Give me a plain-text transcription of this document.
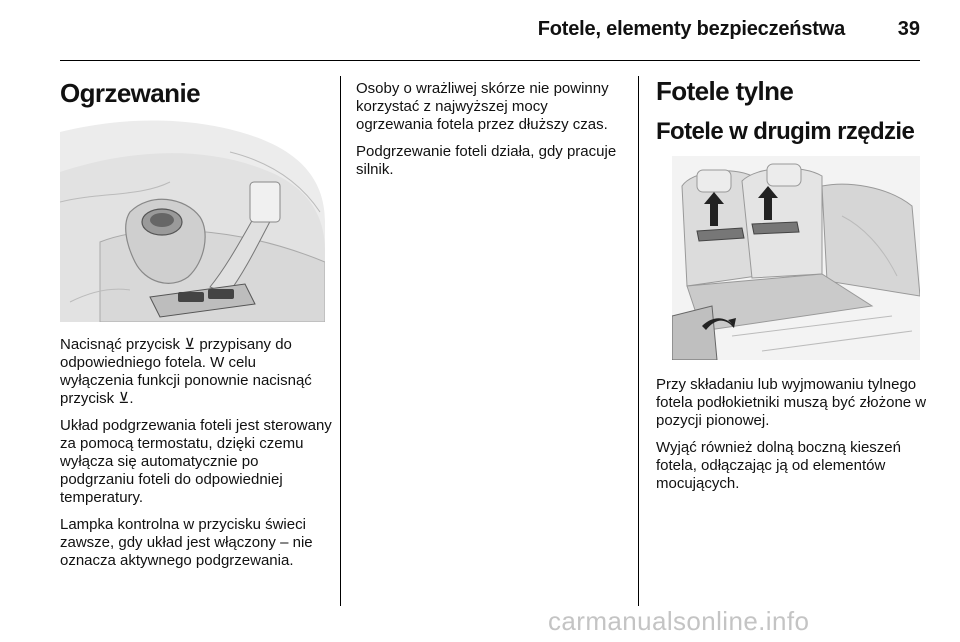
Fotele, elementy bezpieczeństwa	39
Ogrzewanie

Nacisnąć przycisk ⊻ przypisany do odpowiedniego fotela. W celu wyłączenia funkcji ponownie nacisnąć przycisk ⊻.

Układ podgrzewania foteli jest sterowany za pomocą termostatu, dzięki czemu wyłącza się automatycznie po podgrzaniu foteli do odpowiedniej temperatury.

Lampka kontrolna w przycisku świeci zawsze, gdy układ jest włączony – nie oznacza aktywnego podgrzewania.

Osoby o wrażliwej skórze nie powinny korzystać z najwyższej mocy ogrzewania fotela przez dłuższy czas.

Podgrzewanie foteli działa, gdy pracuje silnik.

Fotele tylne
Fotele w drugim rzędzie

Przy składaniu lub wyjmowaniu tylnego fotela podłokietniki muszą być złożone w pozycji pionowej.

Wyjąć również dolną boczną kieszeń fotela, odłączając ją od elementów mocujących.

carmanualsonline.info
